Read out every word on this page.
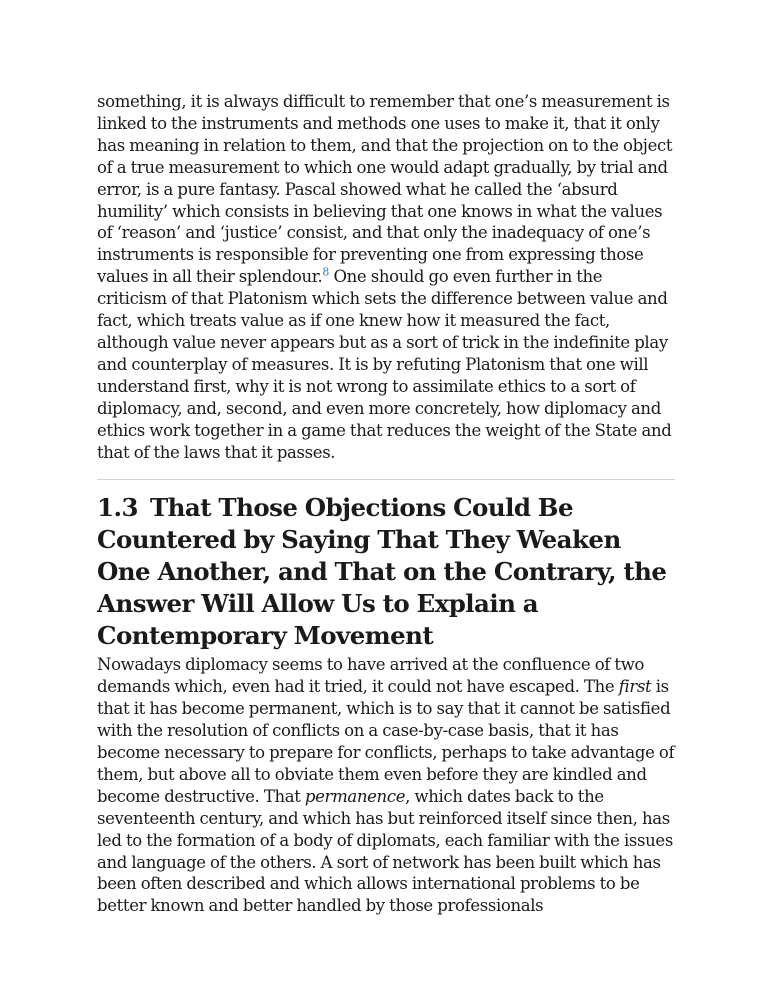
something, it is always difficult to remember that one’s measurement is linked to the instruments and methods one uses to make it, that it only has meaning in relation to them, and that the projection on to the object of a true measurement to which one would adapt gradually, by trial and error, is a pure fantasy. Pascal showed what he called the ‘absurd humility’ which consists in believing that one knows in what the values of ‘reason’ and ‘justice’ consist, and that only the inadequacy of one’s instruments is responsible for preventing one from expressing those values in all their splendour.$^8$ One should go even further in the criticism of that Platonism which sets the difference between value and fact, which treats value as if one knew how it measured the fact, although value never appears but as a sort of trick in the indefinite play and counterplay of measures. It is by refuting Platonism that one will understand first, why it is not wrong to assimilate ethics to a sort of diplomacy, and, second, and even more concretely, how diplomacy and ethics work together in a game that reduces the weight of the State and that of the laws that it passes.

1.3 That Those Objections Could Be Countered by Saying That They Weaken One Another, and That on the Contrary, the Answer Will Allow Us to Explain a Contemporary Movement

Nowadays diplomacy seems to have arrived at the confluence of two demands which, even had it tried, it could not have escaped. The first is that it has become permanent, which is to say that it cannot be satisfied with the resolution of conflicts on a case-by-case basis, that it has become necessary to prepare for conflicts, perhaps to take advantage of them, but above all to obviate them even before they are kindled and become destructive. That permanence, which dates back to the seventeenth century, and which has but reinforced itself since then, has led to the formation of a body of diplomats, each familiar with the issues and language of the others. A sort of network has been built which has been often described and which allows international problems to be better known and better handled by those professionals
